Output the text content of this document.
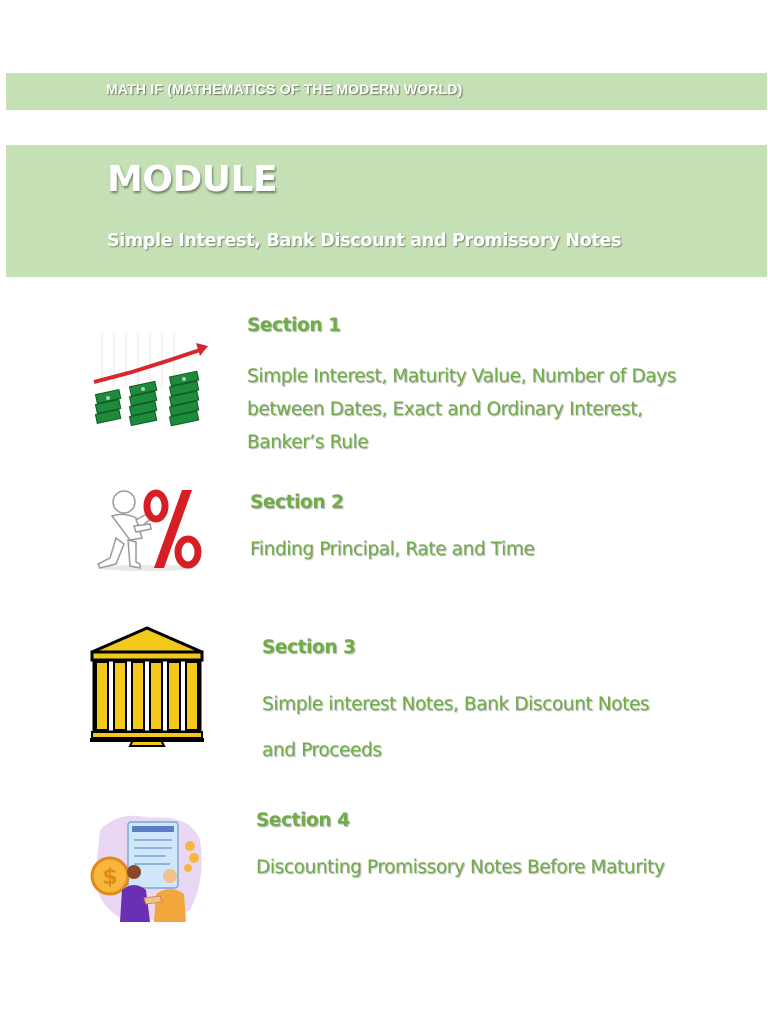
MATH IF (MATHEMATICS OF THE MODERN WORLD)
MODULE
Simple Interest, Bank Discount and Promissory Notes
Section 1
Simple Interest, Maturity Value, Number of Days
between Dates, Exact and Ordinary Interest,
Banker’s Rule
Section 2
Finding Principal, Rate and Time
Section 3
Simple interest Notes, Bank Discount Notes
and Proceeds
$
Section 4
Discounting Promissory Notes Before Maturity
